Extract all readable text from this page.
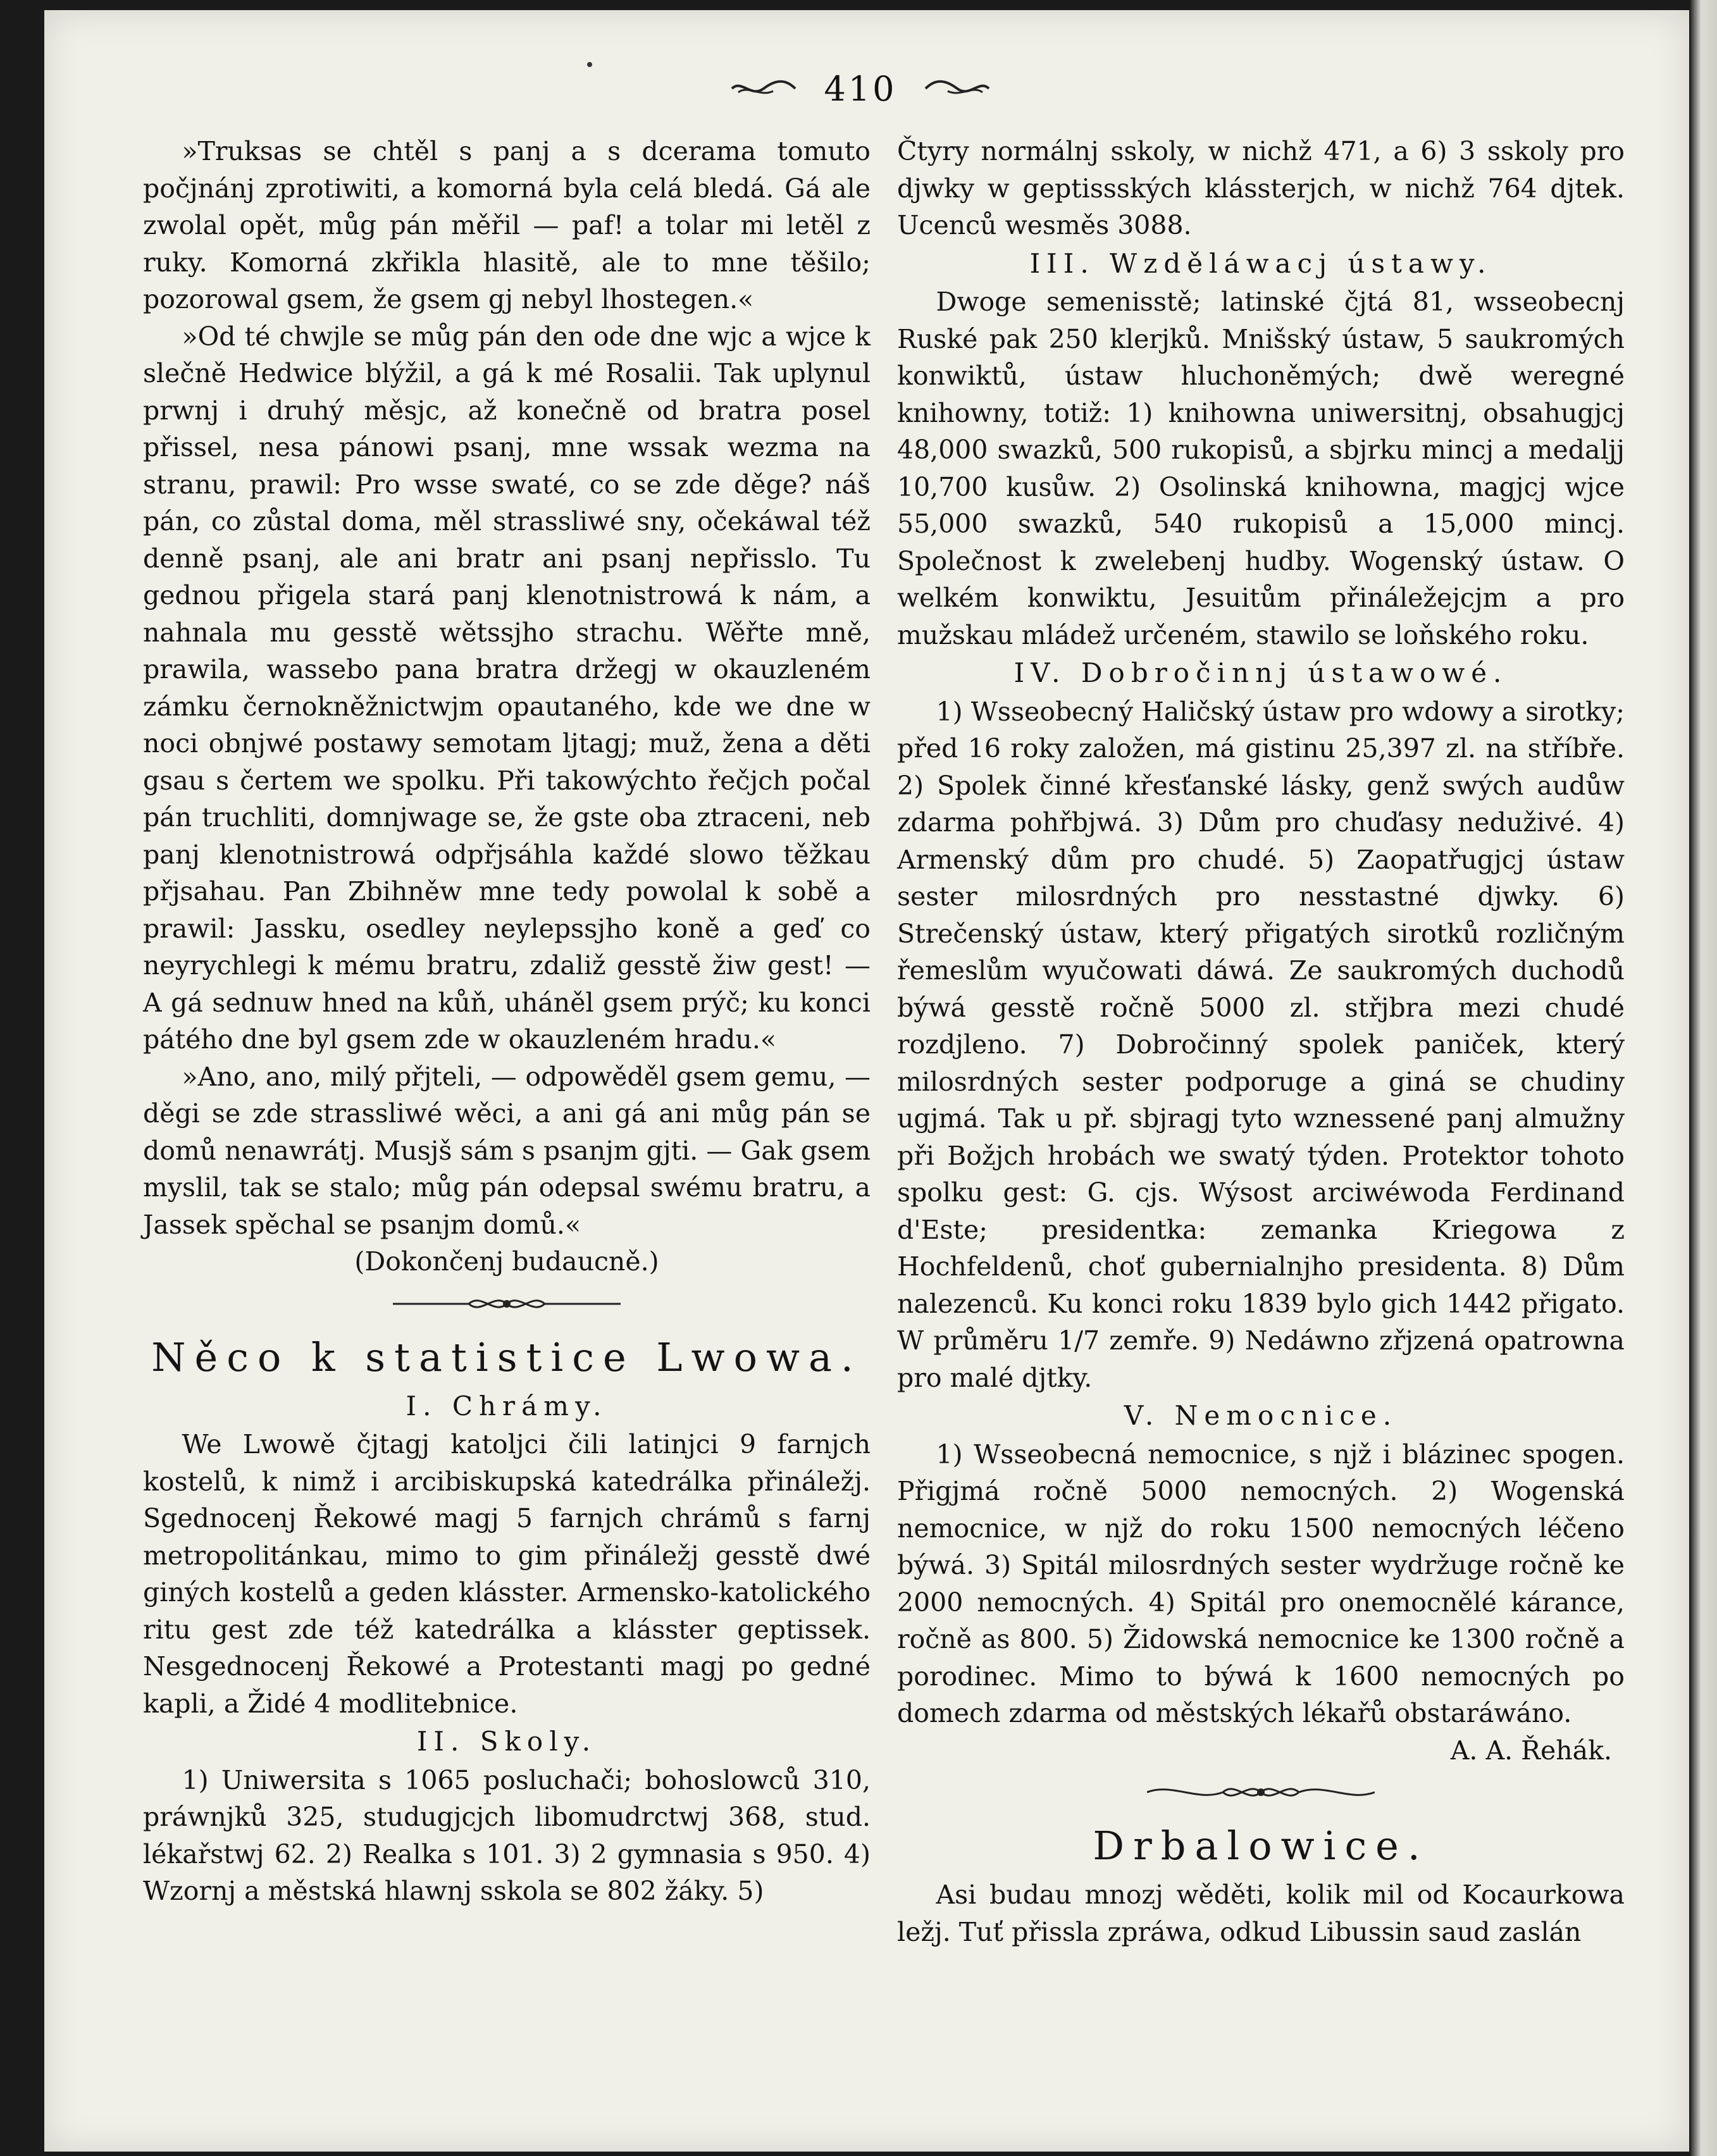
410

»Truksas se chtěl s panj a s dcerama tomuto počjnánj zprotiwiti, a komorná byla celá bledá. Gá ale zwolal opět, můg pán měřil — paf! a tolar mi letěl z ruky. Komorná zkřikla hlasitě, ale to mne těšilo; pozorowal gsem, že gsem gj nebyl lhostegen.«

»Od té chwjle se můg pán den ode dne wjc a wjce k slečně Hedwice blýžil, a gá k mé Rosalii. Tak uplynul prwnj i druhý měsjc, až konečně od bratra posel přissel, nesa pánowi psanj, mne wssak wezma na stranu, prawil: Pro wsse swaté, co se zde děge? náš pán, co zůstal doma, měl strassliwé sny, očekáwal též denně psanj, ale ani bratr ani psanj nepřisslo. Tu gednou přigela stará panj klenotnistrowá k nám, a nahnala mu gesstě wětssjho strachu. Wěřte mně, prawila, wassebo pana bratra držegj w okauzleném zámku černokněžnictwjm opautaného, kde we dne w noci obnjwé postawy semotam ljtagj; muž, žena a děti gsau s čertem we spolku. Při takowýchto řečjch počal pán truchliti, domnjwage se, že gste oba ztraceni, neb panj klenotnistrowá odpřjsáhla každé slowo těžkau přjsahau. Pan Zbihněw mne tedy powolal k sobě a prawil: Jassku, osedley neylepssjho koně a geď co neyrychlegi k mému bratru, zdaliž gesstě žiw gest! — A gá sednuw hned na kůň, uháněl gsem prýč; ku konci pátého dne byl gsem zde w okauzleném hradu.«

»Ano, ano, milý přjteli, — odpowěděl gsem gemu, — děgi se zde strassliwé wěci, a ani gá ani můg pán se domů nenawrátj. Musjš sám s psanjm gjti. — Gak gsem myslil, tak se stalo; můg pán odepsal swému bratru, a Jassek spěchal se psanjm domů.«

(Dokončenj budaucně.)
Něco k statistice Lwowa.
I. Chrámy.

We Lwowě čjtagj katoljci čili latinjci 9 farnjch kostelů, k nimž i arcibiskupská katedrálka přináležj. Sgednocenj Řekowé magj 5 farnjch chrámů s farnj metropolitánkau, mimo to gim přináležj gesstě dwé giných kostelů a geden klásster. Armensko-katolického ritu gest zde též katedrálka a klásster geptissek. Nesgednocenj Řekowé a Protestanti magj po gedné kapli, a Židé 4 modlitebnice.

II. Skoly.

1) Uniwersita s 1065 posluchači; bohoslowců 310, práwnjků 325, studugjcjch libomudrctwj 368, stud. lékařstwj 62. 2) Realka s 101. 3) 2 gymnasia s 950. 4) Wzornj a městská hlawnj sskola se 802 žáky. 5)

Čtyry normálnj sskoly, w nichž 471, a 6) 3 sskoly pro djwky w geptissských klássterjch, w nichž 764 djtek. Ucenců wesměs 3088.

III. Wzděláwacj ústawy.

Dwoge semenisstě; latinské čjtá 81, wsseobecnj Ruské pak 250 klerjků. Mnišský ústaw, 5 saukromých konwiktů, ústaw hluchoněmých; dwě weregné knihowny, totiž: 1) knihowna uniwersitnj, obsahugjcj 48,000 swazků, 500 rukopisů, a sbjrku mincj a medaljj 10,700 kusůw. 2) Osolinská knihowna, magjcj wjce 55,000 swazků, 540 rukopisů a 15,000 mincj. Společnost k zwelebenj hudby. Wogenský ústaw. O welkém konwiktu, Jesuitům přináležejcjm a pro mužskau mládež určeném, stawilo se loňského roku.

IV. Dobročinnj ústawowé.

1) Wsseobecný Haličský ústaw pro wdowy a sirotky; před 16 roky založen, má gistinu 25,397 zl. na stříbře. 2) Spolek činné křesťanské lásky, genž swých audůw zdarma pohřbjwá. 3) Dům pro chuďasy neduživé. 4) Armenský dům pro chudé. 5) Zaopatřugjcj ústaw sester milosrdných pro nesstastné djwky. 6) Strečenský ústaw, který přigatých sirotků rozličným řemeslům wyučowati dáwá. Ze saukromých duchodů býwá gesstě ročně 5000 zl. střjbra mezi chudé rozdjleno. 7) Dobročinný spolek paniček, který milosrdných sester podporuge a giná se chudiny ugjmá. Tak u př. sbjragj tyto wznessené panj almužny při Božjch hrobách we swatý týden. Protektor tohoto spolku gest: G. cjs. Wýsost arciwéwoda Ferdinand d'Este; presidentka: zemanka Kriegowa z Hochfeldenů, choť gubernialnjho presidenta. 8) Dům nalezenců. Ku konci roku 1839 bylo gich 1442 přigato. W průměru 1/7 zemře. 9) Nedáwno zřjzená opatrowna pro malé djtky.

V. Nemocnice.

1) Wsseobecná nemocnice, s njž i blázinec spogen. Přigjmá ročně 5000 nemocných. 2) Wogenská nemocnice, w njž do roku 1500 nemocných léčeno býwá. 3) Spitál milosrdných sester wydržuge ročně ke 2000 nemocných. 4) Spitál pro onemocnělé kárance, ročně as 800. 5) Židowská nemocnice ke 1300 ročně a porodinec. Mimo to býwá k 1600 nemocných po domech zdarma od městských lékařů obstaráwáno.

A. A. Řehák.
Drbalowice.

Asi budau mnozj wěděti, kolik mil od Kocaurkowa ležj. Tuť přissla zpráwa, odkud Libussin saud zaslán
